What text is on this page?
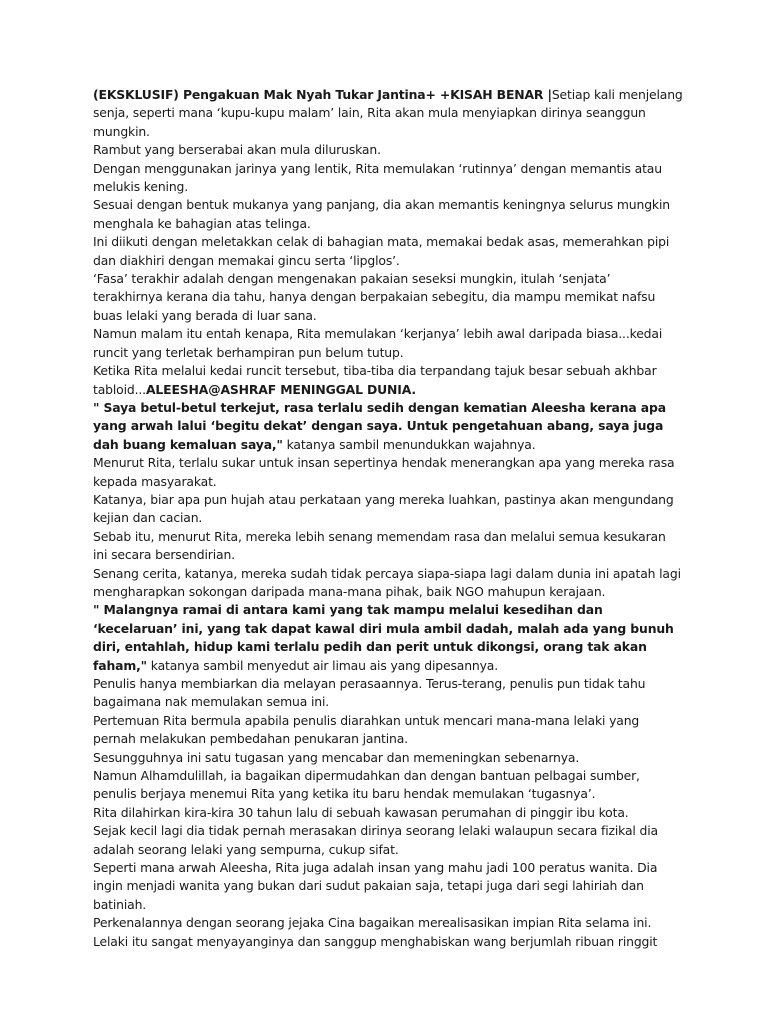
(EKSKLUSIF) Pengakuan Mak Nyah Tukar Jantina+ +KISAH BENAR |Setiap kali menjelang senja, seperti mana ‘kupu-kupu malam’ lain, Rita akan mula menyiapkan dirinya seanggun mungkin.

Rambut yang berserabai akan mula diluruskan.

Dengan menggunakan jarinya yang lentik, Rita memulakan ‘rutinnya’ dengan memantis atau melukis kening.

Sesuai dengan bentuk mukanya yang panjang, dia akan memantis keningnya selurus mungkin menghala ke bahagian atas telinga.

Ini diikuti dengan meletakkan celak di bahagian mata, memakai bedak asas, memerahkan pipi dan diakhiri dengan memakai gincu serta ‘lipglos’.

‘Fasa’ terakhir adalah dengan mengenakan pakaian seseksi mungkin, itulah ‘senjata’ terakhirnya kerana dia tahu, hanya dengan berpakaian sebegitu, dia mampu memikat nafsu buas lelaki yang berada di luar sana.

Namun malam itu entah kenapa, Rita memulakan ‘kerjanya’ lebih awal daripada biasa...kedai runcit yang terletak berhampiran pun belum tutup.

Ketika Rita melalui kedai runcit tersebut, tiba-tiba dia terpandang tajuk besar sebuah akhbar tabloid...ALEESHA@ASHRAF MENINGGAL DUNIA.

" Saya betul-betul terkejut, rasa terlalu sedih dengan kematian Aleesha kerana apa yang arwah lalui ‘begitu dekat’ dengan saya. Untuk pengetahuan abang, saya juga dah buang kemaluan saya," katanya sambil menundukkan wajahnya.

Menurut Rita, terlalu sukar untuk insan sepertinya hendak menerangkan apa yang mereka rasa kepada masyarakat.

Katanya, biar apa pun hujah atau perkataan yang mereka luahkan, pastinya akan mengundang kejian dan cacian.

Sebab itu, menurut Rita, mereka lebih senang memendam rasa dan melalui semua kesukaran ini secara bersendirian.

Senang cerita, katanya, mereka sudah tidak percaya siapa-siapa lagi dalam dunia ini apatah lagi mengharapkan sokongan daripada mana-mana pihak, baik NGO mahupun kerajaan.

" Malangnya ramai di antara kami yang tak mampu melalui kesedihan dan ‘kecelaruan’ ini, yang tak dapat kawal diri mula ambil dadah, malah ada yang bunuh diri, entahlah, hidup kami terlalu pedih dan perit untuk dikongsi, orang tak akan faham," katanya sambil menyedut air limau ais yang dipesannya.

Penulis hanya membiarkan dia melayan perasaannya. Terus-terang, penulis pun tidak tahu bagaimana nak memulakan semua ini.

Pertemuan Rita bermula apabila penulis diarahkan untuk mencari mana-mana lelaki yang pernah melakukan pembedahan penukaran jantina.

Sesungguhnya ini satu tugasan yang mencabar dan memeningkan sebenarnya.

Namun Alhamdulillah, ia bagaikan dipermudahkan dan dengan bantuan pelbagai sumber, penulis berjaya menemui Rita yang ketika itu baru hendak memulakan ‘tugasnya’.

Rita dilahirkan kira-kira 30 tahun lalu di sebuah kawasan perumahan di pinggir ibu kota.

Sejak kecil lagi dia tidak pernah merasakan dirinya seorang lelaki walaupun secara fizikal dia adalah seorang lelaki yang sempurna, cukup sifat.

Seperti mana arwah Aleesha, Rita juga adalah insan yang mahu jadi 100 peratus wanita. Dia ingin menjadi wanita yang bukan dari sudut pakaian saja, tetapi juga dari segi lahiriah dan batiniah.

Perkenalannya dengan seorang jejaka Cina bagaikan merealisasikan impian Rita selama ini.

Lelaki itu sangat menyayanginya dan sanggup menghabiskan wang berjumlah ribuan ringgit
